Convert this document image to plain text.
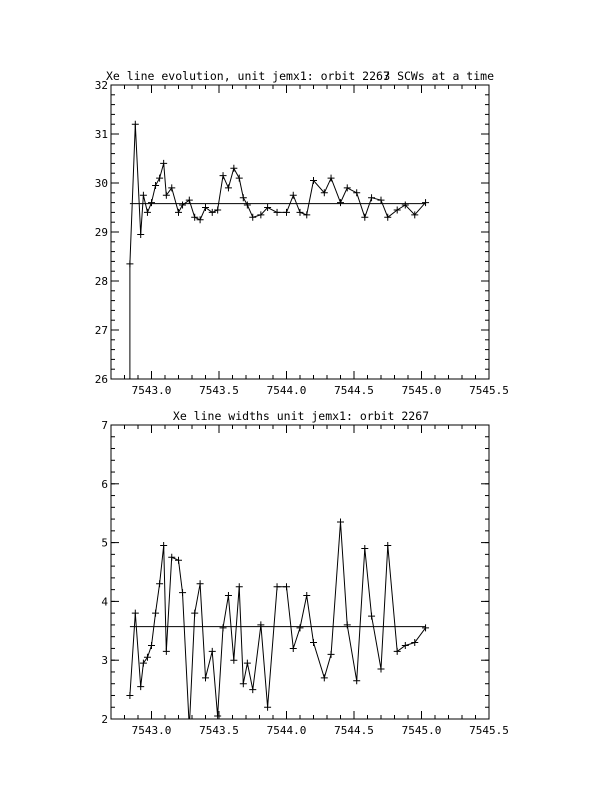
Xe line evolution, unit jemx1: orbit 2267
3 SCWs at a time
7543.0	7543.5	7544.0	7544.5	7545.0	7545.5
26
27
28
29
30
31
32
Xe line widths unit jemx1: orbit 2267
7543.0	7543.5	7544.0	7544.5	7545.0	7545.5
2
3
4
5
6
7
